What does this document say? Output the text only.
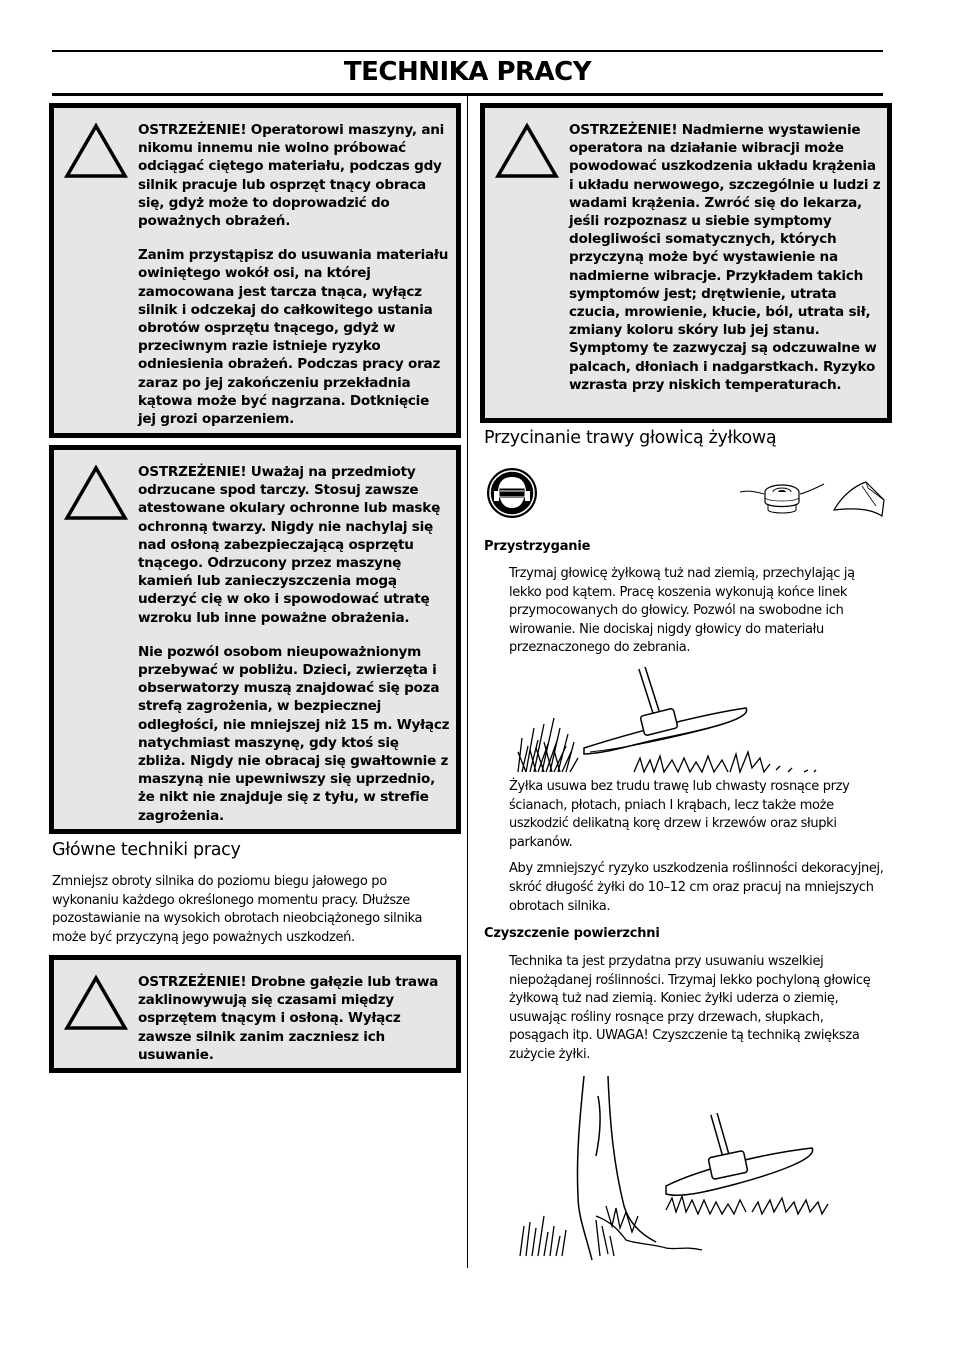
TECHNIKA PRACY

OSTRZEŻENIE! Operatorowi maszyny, ani nikomu innemu nie wolno próbować odciągać ciętego materiału, podczas gdy silnik pracuje lub osprzęt tnący obraca się, gdyż może to doprowadzić do poważnych obrażeń.

Zanim przystąpisz do usuwania materiału owiniętego wokół osi, na której zamocowana jest tarcza tnąca, wyłącz silnik i odczekaj do całkowitego ustania obrotów osprzętu tnącego, gdyż w przeciwnym razie istnieje ryzyko odniesienia obrażeń. Podczas pracy oraz zaraz po jej zakończeniu przekładnia kątowa może być nagrzana. Dotknięcie jej grozi oparzeniem.

OSTRZEŻENIE! Uważaj na przedmioty odrzucane spod tarczy. Stosuj zawsze atestowane okulary ochronne lub maskę ochronną twarzy. Nigdy nie nachylaj się nad osłoną zabezpieczającą osprzętu tnącego. Odrzucony przez maszynę kamień lub zanieczyszczenia mogą uderzyć cię w oko i spowodować utratę wzroku lub inne poważne obrażenia.

Nie pozwól osobom nieupoważnionym przebywać w pobliżu. Dzieci, zwierzęta i obserwatorzy muszą znajdować się poza strefą zagrożenia, w bezpiecznej odległości, nie mniejszej niż 15 m. Wyłącz natychmiast maszynę, gdy ktoś się zbliża. Nigdy nie obracaj się gwałtownie z maszyną nie upewniwszy się uprzednio, że nikt nie znajduje się z tyłu, w strefie zagrożenia.

Główne techniki pracy

Zmniejsz obroty silnika do poziomu biegu jałowego po wykonaniu każdego określonego momentu pracy. Dłuższe pozostawianie na wysokich obrotach nieobciążonego silnika może być przyczyną jego poważnych uszkodzeń.

OSTRZEŻENIE! Drobne gałęzie lub trawa zaklinowywują się czasami między osprzętem tnącym i osłoną. Wyłącz zawsze silnik zanim zaczniesz ich usuwanie.

OSTRZEŻENIE! Nadmierne wystawienie operatora na działanie wibracji może powodować uszkodzenia układu krążenia i układu nerwowego, szczególnie u ludzi z wadami krążenia. Zwróć się do lekarza, jeśli rozpoznasz u siebie symptomy dolegliwości somatycznych, których przyczyną może być wystawienie na nadmierne wibracje. Przykładem takich symptomów jest; drętwienie, utrata czucia, mrowienie, kłucie, ból, utrata sił, zmiany koloru skóry lub jej stanu. Symptomy te zazwyczaj są odczuwalne w palcach, dłoniach i nadgarstkach. Ryzyko wzrasta przy niskich temperaturach.

Przycinanie trawy głowicą żyłkową
Przystrzyganie

Trzymaj głowicę żyłkową tuż nad ziemią, przechylając ją lekko pod kątem. Pracę koszenia wykonują końce linek przymocowanych do głowicy. Pozwól na swobodne ich wirowanie. Nie dociskaj nigdy głowicy do materiału przeznaczonego do zebrania.

Żyłka usuwa bez trudu trawę lub chwasty rosnące przy ścianach, płotach, pniach I krąbach, lecz także może uszkodzić delikatną korę drzew i krzewów oraz słupki parkanów.

Aby zmniejszyć ryzyko uszkodzenia roślinności dekoracyjnej, skróć długość żyłki do 10–12 cm oraz pracuj na mniejszych obrotach silnika.

Czyszczenie powierzchni

Technika ta jest przydatna przy usuwaniu wszelkiej niepożądanej roślinności. Trzymaj lekko pochyloną głowicę żyłkową tuż nad ziemią. Koniec żyłki uderza o ziemię, usuwając rośliny rosnące przy drzewach, słupkach, posągach itp. UWAGA! Czyszczenie tą techniką zwiększa zużycie żyłki.
